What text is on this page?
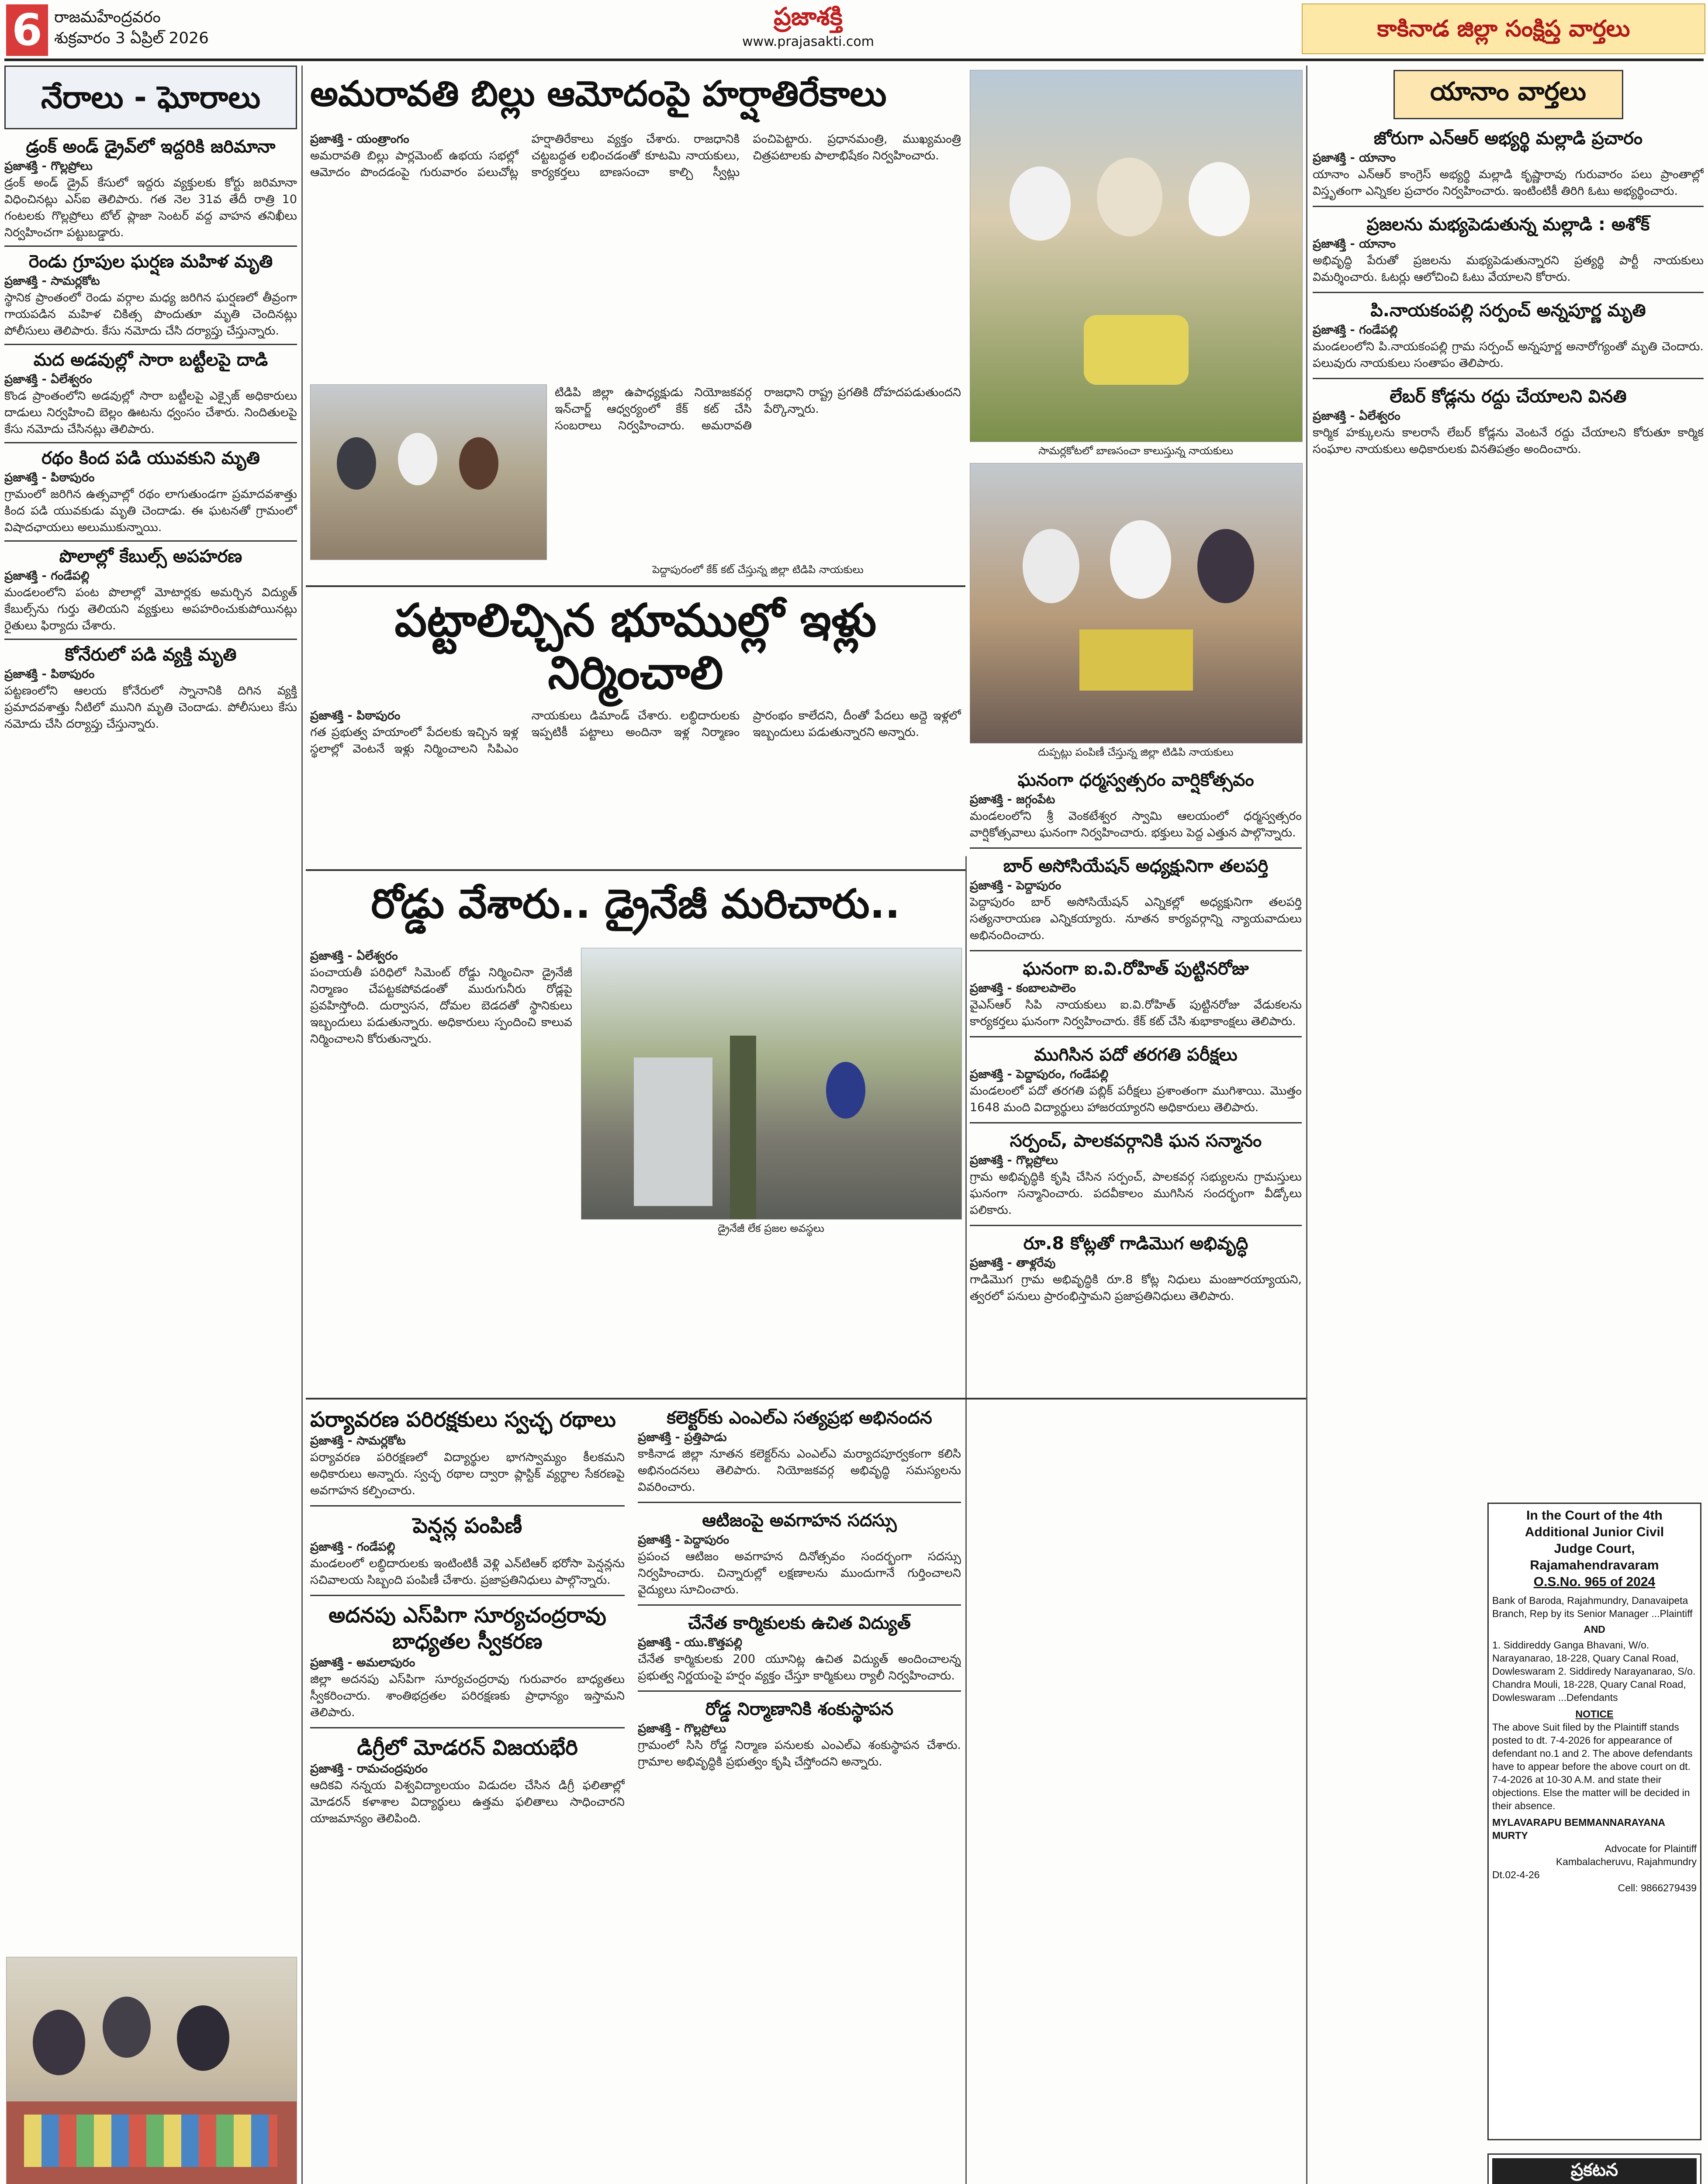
6 రాజమహేంద్రవరం
శుక్రవారం 3 ఏప్రిల్ 2026
ప్రజాశక్తి
www.prajasakti.com	కాకినాడ జిల్లా సంక్షిప్త వార్తలు
నేరాలు - ఘోరాలు
డ్రంక్ అండ్ డ్రైవ్‌లో ఇద్దరికి జరిమానా
ప్రజాశక్తి - గొల్లప్రోలు

డ్రంక్ అండ్ డ్రైవ్ కేసులో ఇద్దరు వ్యక్తులకు కోర్టు జరిమానా విధించినట్లు ఎస్‌ఐ తెలిపారు. గత నెల 31వ తేదీ రాత్రి 10 గంటలకు గొల్లప్రోలు టోల్ ప్లాజా సెంటర్ వద్ద వాహన తనిఖీలు నిర్వహించగా పట్టుబడ్డారు.

రెండు గ్రూపుల ఘర్షణ మహిళ మృతి
ప్రజాశక్తి - సామర్లకోట

స్థానిక ప్రాంతంలో రెండు వర్గాల మధ్య జరిగిన ఘర్షణలో తీవ్రంగా గాయపడిన మహిళ చికిత్స పొందుతూ మృతి చెందినట్లు పోలీసులు తెలిపారు. కేసు నమోదు చేసి దర్యాప్తు చేస్తున్నారు.

మద అడవుల్లో సారా బట్టీలపై దాడి
ప్రజాశక్తి - ఏలేశ్వరం

కొండ ప్రాంతంలోని అడవుల్లో సారా బట్టీలపై ఎక్సైజ్ అధికారులు దాడులు నిర్వహించి బెల్లం ఊటను ధ్వంసం చేశారు. నిందితులపై కేసు నమోదు చేసినట్లు తెలిపారు.

రథం కింద పడి యువకుని మృతి
ప్రజాశక్తి - పిఠాపురం

గ్రామంలో జరిగిన ఉత్సవాల్లో రథం లాగుతుండగా ప్రమాదవశాత్తు కింద పడి యువకుడు మృతి చెందాడు. ఈ ఘటనతో గ్రామంలో విషాదఛాయలు అలుముకున్నాయి.

పొలాల్లో కేబుల్స్ అపహరణ
ప్రజాశక్తి - గండేపల్లి

మండలంలోని పంట పొలాల్లో మోటార్లకు అమర్చిన విద్యుత్ కేబుల్స్‌ను గుర్తు తెలియని వ్యక్తులు అపహరించుకుపోయినట్లు రైతులు ఫిర్యాదు చేశారు.

కోనేరులో పడి వ్యక్తి మృతి
ప్రజాశక్తి - పిఠాపురం

పట్టణంలోని ఆలయ కోనేరులో స్నానానికి దిగిన వ్యక్తి ప్రమాదవశాత్తు నీటిలో మునిగి మృతి చెందాడు. పోలీసులు కేసు నమోదు చేసి దర్యాప్తు చేస్తున్నారు.

అమరావతి బిల్లు ఆమోదంపై హర్షాతిరేకాలు
సామర్లకోటలో బాణసంచా కాలుస్తున్న నాయకులు
ప్రజాశక్తి - యంత్రాంగం

అమరావతి బిల్లు పార్లమెంట్ ఉభయ సభల్లో ఆమోదం పొందడంపై గురువారం పలుచోట్ల హర్షాతిరేకాలు వ్యక్తం చేశారు. రాజధానికి చట్టబద్ధత లభించడంతో కూటమి నాయకులు, కార్యకర్తలు బాణసంచా కాల్చి స్వీట్లు పంచిపెట్టారు. ప్రధానమంత్రి, ముఖ్యమంత్రి చిత్రపటాలకు పాలాభిషేకం నిర్వహించారు.

టిడిపి జిల్లా ఉపాధ్యక్షుడు నియోజకవర్గ ఇన్‌చార్జ్ ఆధ్వర్యంలో కేక్ కట్ చేసి సంబరాలు నిర్వహించారు. అమరావతి రాజధాని రాష్ట్ర ప్రగతికి దోహదపడుతుందని పేర్కొన్నారు.

పెద్దాపురంలో కేక్ కట్ చేస్తున్న జిల్లా టిడిపి నాయకులు
పట్టాలిచ్చిన భూముల్లో ఇళ్లు నిర్మించాలి
ప్రజాశక్తి - పిఠాపురం

గత ప్రభుత్వ హయాంలో పేదలకు ఇచ్చిన ఇళ్ల స్థలాల్లో వెంటనే ఇళ్లు నిర్మించాలని సిపిఎం నాయకులు డిమాండ్ చేశారు. లబ్ధిదారులకు ఇప్పటికీ పట్టాలు అందినా ఇళ్ల నిర్మాణం ప్రారంభం కాలేదని, దీంతో పేదలు అద్దె ఇళ్లలో ఇబ్బందులు పడుతున్నారని అన్నారు.

దుప్పట్లు పంపిణీ చేస్తున్న జిల్లా టిడిపి నాయకులు
రోడ్డు వేశారు.. డ్రైనేజీ మరిచారు..
ప్రజాశక్తి - ఏలేశ్వరం

పంచాయతీ పరిధిలో సిమెంట్ రోడ్డు నిర్మించినా డ్రైనేజీ నిర్మాణం చేపట్టకపోవడంతో మురుగునీరు రోడ్లపై ప్రవహిస్తోంది. దుర్వాసన, దోమల బెడదతో స్థానికులు ఇబ్బందులు పడుతున్నారు. అధికారులు స్పందించి కాలువ నిర్మించాలని కోరుతున్నారు.

డ్రైనేజీ లేక ప్రజల అవస్థలు
పర్యావరణ పరిరక్షకులు స్వచ్ఛ రథాలు
ప్రజాశక్తి - సామర్లకోట

పర్యావరణ పరిరక్షణలో విద్యార్థుల భాగస్వామ్యం కీలకమని అధికారులు అన్నారు. స్వచ్ఛ రథాల ద్వారా ప్లాస్టిక్ వ్యర్థాల సేకరణపై అవగాహన కల్పించారు.

పెన్షన్ల పంపిణీ
ప్రజాశక్తి - గండేపల్లి

మండలంలో లబ్ధిదారులకు ఇంటింటికీ వెళ్లి ఎన్‌టిఆర్ భరోసా పెన్షన్లను సచివాలయ సిబ్బంది పంపిణీ చేశారు. ప్రజాప్రతినిధులు పాల్గొన్నారు.

అదనపు ఎస్‌పిగా సూర్యచంద్రరావు బాధ్యతల స్వీకరణ
ప్రజాశక్తి - అమలాపురం

జిల్లా అదనపు ఎస్‌పిగా సూర్యచంద్రరావు గురువారం బాధ్యతలు స్వీకరించారు. శాంతిభద్రతల పరిరక్షణకు ప్రాధాన్యం ఇస్తామని తెలిపారు.

డిగ్రీలో మోడరన్ విజయభేరి
ప్రజాశక్తి - రామచంద్రపురం

ఆదికవి నన్నయ విశ్వవిద్యాలయం విడుదల చేసిన డిగ్రీ ఫలితాల్లో మోడరన్ కళాశాల విద్యార్థులు ఉత్తమ ఫలితాలు సాధించారని యాజమాన్యం తెలిపింది.

కలెక్టర్‌కు ఎంఎల్‌ఎ సత్యప్రభ అభినందన
ప్రజాశక్తి - ప్రత్తిపాడు

కాకినాడ జిల్లా నూతన కలెక్టర్‌ను ఎంఎల్‌ఎ మర్యాదపూర్వకంగా కలిసి అభినందనలు తెలిపారు. నియోజకవర్గ అభివృద్ధి సమస్యలను వివరించారు.

ఆటిజంపై అవగాహన సదస్సు
ప్రజాశక్తి - పెద్దాపురం

ప్రపంచ ఆటిజం అవగాహన దినోత్సవం సందర్భంగా సదస్సు నిర్వహించారు. చిన్నారుల్లో లక్షణాలను ముందుగానే గుర్తించాలని వైద్యులు సూచించారు.

చేనేత కార్మికులకు ఉచిత విద్యుత్
ప్రజాశక్తి - యు.కొత్తపల్లి

చేనేత కార్మికులకు 200 యూనిట్ల ఉచిత విద్యుత్ అందించాలన్న ప్రభుత్వ నిర్ణయంపై హర్షం వ్యక్తం చేస్తూ కార్మికులు ర్యాలీ నిర్వహించారు.

రోడ్డ నిర్మాణానికి శంకుస్థాపన
ప్రజాశక్తి - గొల్లప్రోలు

గ్రామంలో సిసి రోడ్డ నిర్మాణ పనులకు ఎంఎల్‌ఎ శంకుస్థాపన చేశారు. గ్రామాల అభివృద్ధికి ప్రభుత్వం కృషి చేస్తోందని అన్నారు.

ఘనంగా ధర్మస్వత్సరం వార్షికోత్సవం
ప్రజాశక్తి - జగ్గంపేట

మండలంలోని శ్రీ వెంకటేశ్వర స్వామి ఆలయంలో ధర్మస్వత్సరం వార్షికోత్సవాలు ఘనంగా నిర్వహించారు. భక్తులు పెద్ద ఎత్తున పాల్గొన్నారు.

బార్ అసోసియేషన్ అధ్యక్షునిగా తలపర్తి
ప్రజాశక్తి - పెద్దాపురం

పెద్దాపురం బార్ అసోసియేషన్ ఎన్నికల్లో అధ్యక్షునిగా తలపర్తి సత్యనారాయణ ఎన్నికయ్యారు. నూతన కార్యవర్గాన్ని న్యాయవాదులు అభినందించారు.

ఘనంగా ఐ.వి.రోహిత్ పుట్టినరోజు
ప్రజాశక్తి - కంబాలపాలెం

వైఎస్‌ఆర్ సిపి నాయకులు ఐ.వి.రోహిత్ పుట్టినరోజు వేడుకలను కార్యకర్తలు ఘనంగా నిర్వహించారు. కేక్ కట్ చేసి శుభాకాంక్షలు తెలిపారు.

ముగిసిన పదో తరగతి పరీక్షలు
ప్రజాశక్తి - పెద్దాపురం, గండేపల్లి

మండలంలో పదో తరగతి పబ్లిక్ పరీక్షలు ప్రశాంతంగా ముగిశాయి. మొత్తం 1648 మంది విద్యార్థులు హాజరయ్యారని అధికారులు తెలిపారు.

సర్పంచ్, పాలకవర్గానికి ఘన సన్మానం
ప్రజాశక్తి - గొల్లప్రోలు

గ్రామ అభివృద్ధికి కృషి చేసిన సర్పంచ్, పాలకవర్గ సభ్యులను గ్రామస్తులు ఘనంగా సన్మానించారు. పదవీకాలం ముగిసిన సందర్భంగా వీడ్కోలు పలికారు.

రూ.8 కోట్లతో గాడిమొగ అభివృద్ధి
ప్రజాశక్తి - తాళ్లరేవు

గాడిమొగ గ్రామ అభివృద్ధికి రూ.8 కోట్ల నిధులు మంజూరయ్యాయని, త్వరలో పనులు ప్రారంభిస్తామని ప్రజాప్రతినిధులు తెలిపారు.

యానాం వార్తలు
జోరుగా ఎన్‌ఆర్ అభ్యర్థి మల్లాడి ప్రచారం
ప్రజాశక్తి - యానాం

యానాం ఎన్‌ఆర్ కాంగ్రెస్ అభ్యర్థి మల్లాడి కృష్ణారావు గురువారం పలు ప్రాంతాల్లో విస్తృతంగా ఎన్నికల ప్రచారం నిర్వహించారు. ఇంటింటికీ తిరిగి ఓటు అభ్యర్థించారు.

ప్రజలను మభ్యపెడుతున్న మల్లాడి : అశోక్
ప్రజాశక్తి - యానాం

అభివృద్ధి పేరుతో ప్రజలను మభ్యపెడుతున్నారని ప్రత్యర్థి పార్టీ నాయకులు విమర్శించారు. ఓటర్లు ఆలోచించి ఓటు వేయాలని కోరారు.

పి.నాయకంపల్లి సర్పంచ్ అన్నపూర్ణ మృతి
ప్రజాశక్తి - గండేపల్లి

మండలంలోని పి.నాయకంపల్లి గ్రామ సర్పంచ్ అన్నపూర్ణ అనారోగ్యంతో మృతి చెందారు. పలువురు నాయకులు సంతాపం తెలిపారు.

లేబర్ కోడ్లను రద్దు చేయాలని వినతి
ప్రజాశక్తి - ఏలేశ్వరం

కార్మిక హక్కులను కాలరాసే లేబర్ కోడ్లను వెంటనే రద్దు చేయాలని కోరుతూ కార్మిక సంఘాల నాయకులు అధికారులకు వినతిపత్రం అందించారు.

In the Court of the 4th
Additional Junior Civil
Judge Court,
Rajamahendravaram
O.S.No. 965 of 2024
Bank of Baroda, Rajahmundry, Danavaipeta Branch, Rep by its Senior Manager ...Plaintiff
AND
1. Siddireddy Ganga Bhavani, W/o. Narayanarao, 18-228, Quary Canal Road, Dowleswaram 2. Siddiredy Narayanarao, S/o. Chandra Mouli, 18-228, Quary Canal Road, Dowleswaram ...Defendants
NOTICE
The above Suit filed by the Plaintiff stands posted to dt. 7-4-2026 for appearance of defendant no.1 and 2. The above defendants have to appear before the above court on dt. 7-4-2026 at 10-30 A.M. and state their objections. Else the matter will be decided in their absence.
MYLAVARAPU BEMMANNARAYANA MURTY
Advocate for Plaintiff
Kambalacheruvu, Rajahmundry
Dt.02-4-26
Cell: 9866279439
ప్రకటన
